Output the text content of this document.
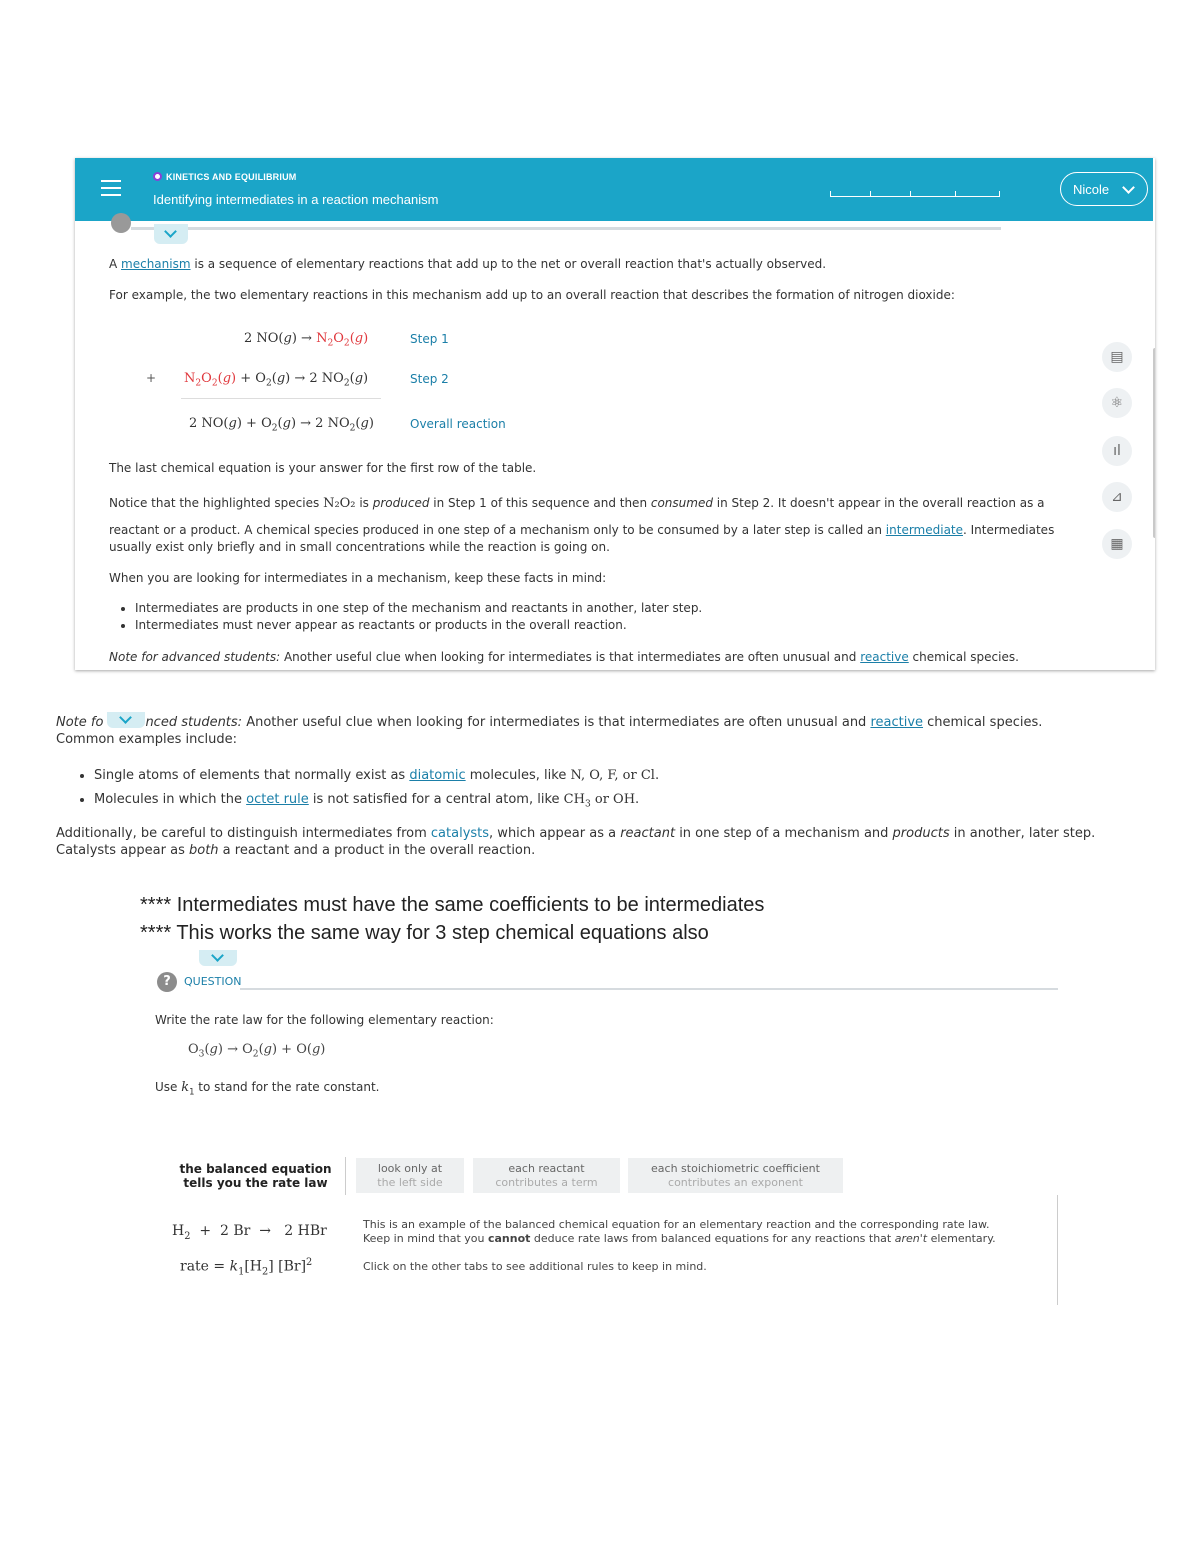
KINETICS AND EQUILIBRIUM
Identifying intermediates in a reaction mechanism
Nicole
A mechanism is a sequence of elementary reactions that add up to the net or overall reaction that's actually observed.
For example, the two elementary reactions in this mechanism add up to an overall reaction that describes the formation of nitrogen dioxide:
2 $NO(g) \to N_2O_2(g)$	Step 1
+ $N_2O_2(g) + O_2(g) \to 2$ $NO_2(g)$	Step 2
2 $NO(g) + O_2(g) \to 2$ $NO_2(g)$	Overall reaction
The last chemical equation is your answer for the first row of the table.
Notice that the highlighted species N₂O₂ is produced in Step 1 of this sequence and then consumed in Step 2. It doesn't appear in the overall reaction as a
reactant or a product. A chemical species produced in one step of a mechanism only to be consumed by a later step is called an intermediate. Intermediates
usually exist only briefly and in small concentrations while the reaction is going on.
When you are looking for intermediates in a mechanism, keep these facts in mind:
• Intermediates are products in one step of the mechanism and reactants in another, later step.
• Intermediates must never appear as reactants or products in the overall reaction.
Note for advanced students: Another useful clue when looking for intermediates is that intermediates are often unusual and reactive chemical species.
▤
⚛
ıl
⊿
▦
Note fo	nced students: Another useful clue when looking for intermediates is that intermediates are often unusual and reactive chemical species.
Common examples include:
• Single atoms of elements that normally exist as diatomic molecules, like N, O, F, or Cl.
• Molecules in which the octet rule is not satisfied for a central atom, like $CH_3$ or OH.
Additionally, be careful to distinguish intermediates from catalysts, which appear as a reactant in one step of a mechanism and products in another, later step.
Catalysts appear as both a reactant and a product in the overall reaction.
**** Intermediates must have the same coefficients to be intermediates
**** This works the same way for 3 step chemical equations also
?	QUESTION
Write the rate law for the following elementary reaction:
$O_3(g) \to O_2(g) + O(g)$
Use $k_1$ to stand for the rate constant.
the balanced equation tells you the rate law
look only at
the left side
each reactant
contributes a term
each stoichiometric coefficient
contributes an exponent
$H_2 + 2$ Br  →   2 HBr
rate = $k_1[H_2]$ $[Br]^2$
This is an example of the balanced chemical equation for an elementary reaction and the corresponding rate law.
Keep in mind that you cannot deduce rate laws from balanced equations for any reactions that aren't elementary.
Click on the other tabs to see additional rules to keep in mind.
